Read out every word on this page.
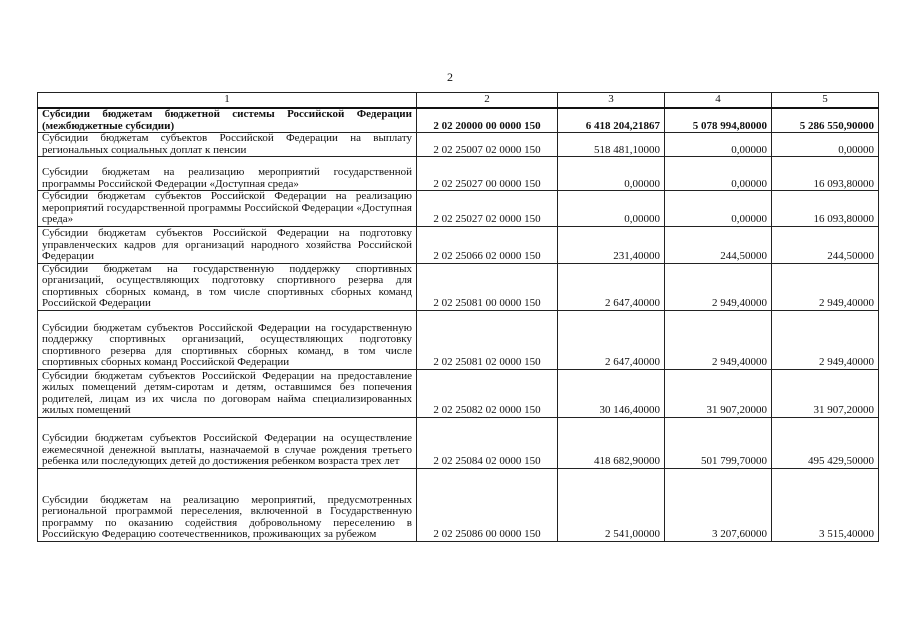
2
1	2	3	4	5
Субсидии бюджетам бюджетной системы Российской Федерации (межбюджетные субсидии)	2 02 20000 00 0000 150	6 418 204,21867	5 078 994,80000	5 286 550,90000
Субсидии бюджетам субъектов Российской Федерации на выплату региональных социальных доплат к пенсии	2 02 25007 02 0000 150	518 481,10000	0,00000	0,00000
Субсидии бюджетам на реализацию мероприятий государственной программы Российской Федерации «Доступная среда»	2 02 25027 00 0000 150	0,00000	0,00000	16 093,80000
Субсидии бюджетам субъектов Российской Федерации на реализацию мероприятий государственной программы Российской Федерации «Доступная среда»	2 02 25027 02 0000 150	0,00000	0,00000	16 093,80000
Субсидии бюджетам субъектов Российской Федерации на подготовку управленческих кадров для организаций народного хозяйства Российской Федерации	2 02 25066 02 0000 150	231,40000	244,50000	244,50000
Субсидии бюджетам на государственную поддержку спортивных организаций, осуществляющих подготовку спортивного резерва для спортивных сборных команд, в том числе спортивных сборных команд Российской Федерации	2 02 25081 00 0000 150	2 647,40000	2 949,40000	2 949,40000
Субсидии бюджетам субъектов Российской Федерации на государственную поддержку спортивных организаций, осуществляющих подготовку спортивного резерва для спортивных сборных команд, в том числе спортивных сборных команд Российской Федерации	2 02 25081 02 0000 150	2 647,40000	2 949,40000	2 949,40000
Субсидии бюджетам субъектов Российской Федерации на предоставление жилых помещений детям-сиротам и детям, оставшимся без попечения родителей, лицам из их числа по договорам найма специализированных жилых помещений	2 02 25082 02 0000 150	30 146,40000	31 907,20000	31 907,20000
Субсидии бюджетам субъектов Российской Федерации на осуществление ежемесячной денежной выплаты, назначаемой в случае рождения третьего ребенка или последующих детей до достижения ребенком возраста трех лет	2 02 25084 02 0000 150	418 682,90000	501 799,70000	495 429,50000
Субсидии бюджетам на реализацию мероприятий, предусмотренных региональной программой переселения, включенной в Государственную программу по оказанию содействия добровольному переселению в Российскую Федерацию соотечественников, проживающих за рубежом	2 02 25086 00 0000 150	2 541,00000	3 207,60000	3 515,40000
